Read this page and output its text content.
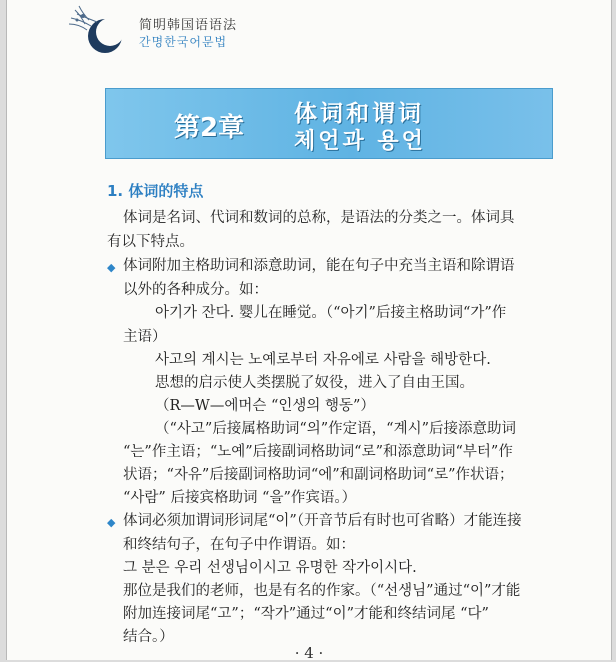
简明韩国语语法
간명한국어문법
第2章 体词和谓词
체언과 용언
1. 体词的特点
体词是名词、代词和数词的总称，是语法的分类之一。体词具
有以下特点。
◆ 体词附加主格助词和添意助词，能在句子中充当主语和除谓语
以外的各种成分。如：
아기가 잔다. 婴儿在睡觉。（“아기”后接主格助词“가”作
主语）
사고의 계시는 노예로부터 자유에로 사람을 해방한다.
思想的启示使人类摆脱了奴役，进入了自由王国。
（R—W—에머슨 “인생의 행동”）
（“사고”后接属格助词“의”作定语，“계시”后接添意助词
“는”作主语；“노예”后接副词格助词“로”和添意助词“부터”作
状语；“자유”后接副词格助词“에”和副词格助词“로”作状语；
“사람” 后接宾格助词 “을”作宾语。）
◆ 体词必须加谓词形词尾“이”（开音节后有时也可省略）才能连接
和终结句子，在句子中作谓语。如：
그 분은 우리 선생님이시고 유명한 작가이시다.
那位是我们的老师，也是有名的作家。（“선생님”通过“이”才能
附加连接词尾“고”；“작가”通过“이”才能和终结词尾 “다”
结合。）
· 4 ·
